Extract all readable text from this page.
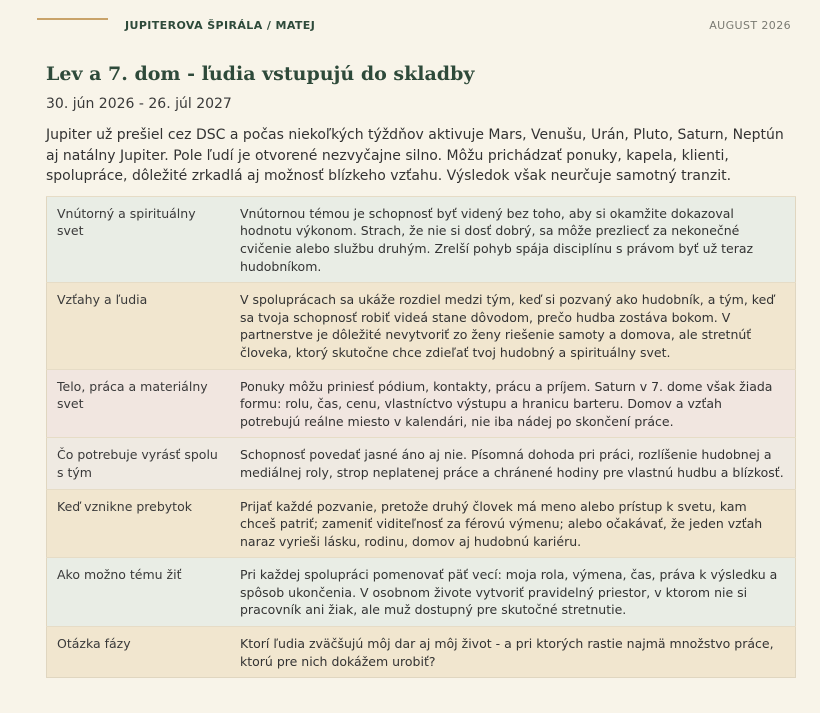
JUPITEROVA ŠPIRÁLA / MATEJ	AUGUST 2026
Lev a 7. dom - ľudia vstupujú do skladby
30. jún 2026 - 26. júl 2027
Jupiter už prešiel cez DSC a počas niekoľkých týždňov aktivuje Mars, Venušu, Urán, Pluto, Saturn, Neptún aj natálny Jupiter. Pole ľudí je otvorené nezvyčajne silno. Môžu prichádzať ponuky, kapela, klienti, spolupráce, dôležité zrkadlá aj možnosť blízkeho vzťahu. Výsledok však neurčuje samotný tranzit.
Vnútorný a spirituálny svet	Vnútornou témou je schopnosť byť videný bez toho, aby si okamžite dokazoval hodnotu výkonom. Strach, že nie si dosť dobrý, sa môže prezliecť za nekonečné cvičenie alebo službu druhým. Zrelší pohyb spája disciplínu s právom byť už teraz hudobníkom.
Vzťahy a ľudia	V spoluprácach sa ukáže rozdiel medzi tým, keď si pozvaný ako hudobník, a tým, keď sa tvoja schopnosť robiť videá stane dôvodom, prečo hudba zostáva bokom. V partnerstve je dôležité nevytvoriť zo ženy riešenie samoty a domova, ale stretnúť človeka, ktorý skutočne chce zdieľať tvoj hudobný a spirituálny svet.
Telo, práca a materiálny svet	Ponuky môžu priniesť pódium, kontakty, prácu a príjem. Saturn v 7. dome však žiada formu: rolu, čas, cenu, vlastníctvo výstupu a hranicu barteru. Domov a vzťah potrebujú reálne miesto v kalendári, nie iba nádej po skončení práce.
Čo potrebuje vyrásť spolu s tým	Schopnosť povedať jasné áno aj nie. Písomná dohoda pri práci, rozlíšenie hudobnej a mediálnej roly, strop neplatenej práce a chránené hodiny pre vlastnú hudbu a blízkosť.
Keď vznikne prebytok	Prijať každé pozvanie, pretože druhý človek má meno alebo prístup k svetu, kam chceš patriť; zameniť viditeľnosť za férovú výmenu; alebo očakávať, že jeden vzťah naraz vyrieši lásku, rodinu, domov aj hudobnú kariéru.
Ako možno tému žiť	Pri každej spolupráci pomenovať päť vecí: moja rola, výmena, čas, práva k výsledku a spôsob ukončenia. V osobnom živote vytvoriť pravidelný priestor, v ktorom nie si pracovník ani žiak, ale muž dostupný pre skutočné stretnutie.
Otázka fázy	Ktorí ľudia zväčšujú môj dar aj môj život - a pri ktorých rastie najmä množstvo práce, ktorú pre nich dokážem urobiť?
